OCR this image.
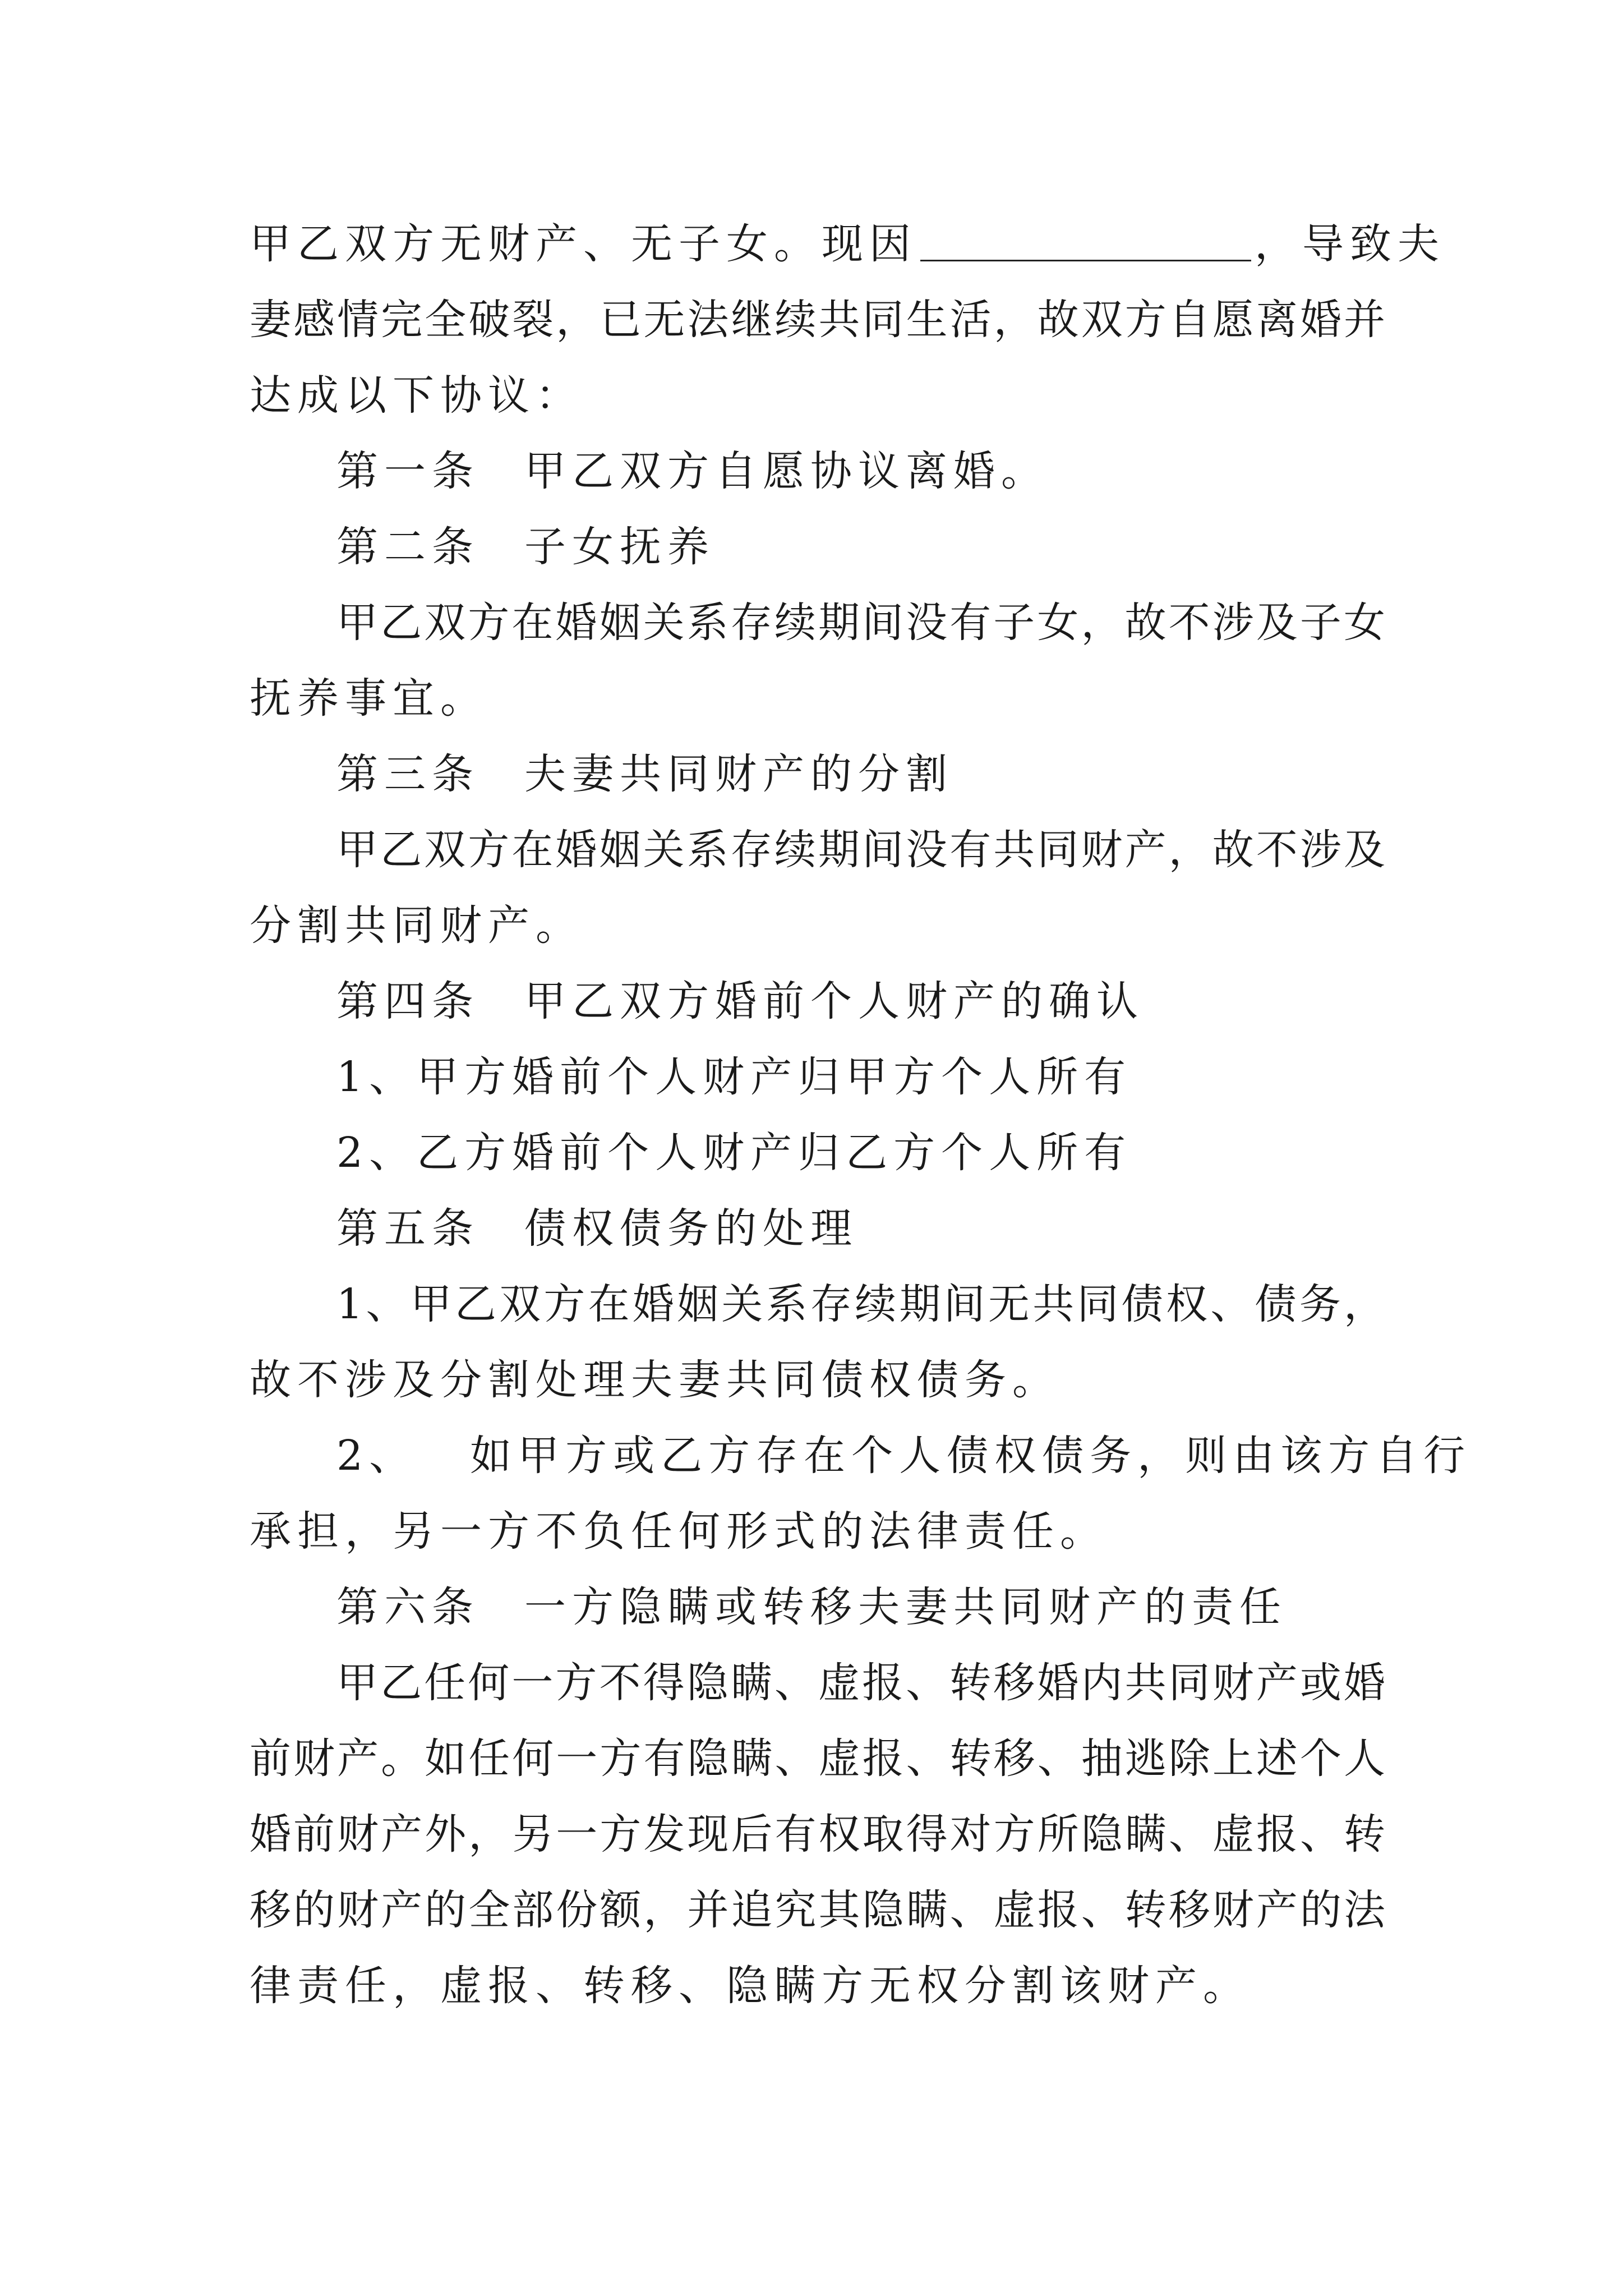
甲乙双方无财产、无子女。现因	，导致夫
妻感情完全破裂，已无法继续共同生活，故双方自愿离婚并
达成以下协议：
第一条 甲乙双方自愿协议离婚。
第二条 子女抚养
甲乙双方在婚姻关系存续期间没有子女，故不涉及子女
抚养事宜。
第三条 夫妻共同财产的分割
甲乙双方在婚姻关系存续期间没有共同财产，故不涉及
分割共同财产。
第四条 甲乙双方婚前个人财产的确认
1、甲方婚前个人财产归甲方个人所有
2、乙方婚前个人财产归乙方个人所有
第五条 债权债务的处理
1、甲乙双方在婚姻关系存续期间无共同债权、债务，
故不涉及分割处理夫妻共同债权债务。
2、 如甲方或乙方存在个人债权债务，则由该方自行
承担，另一方不负任何形式的法律责任。
第六条 一方隐瞒或转移夫妻共同财产的责任
甲乙任何一方不得隐瞒、虚报、转移婚内共同财产或婚
前财产。如任何一方有隐瞒、虚报、转移、抽逃除上述个人
婚前财产外，另一方发现后有权取得对方所隐瞒、虚报、转
移的财产的全部份额，并追究其隐瞒、虚报、转移财产的法
律责任，虚报、转移、隐瞒方无权分割该财产。
